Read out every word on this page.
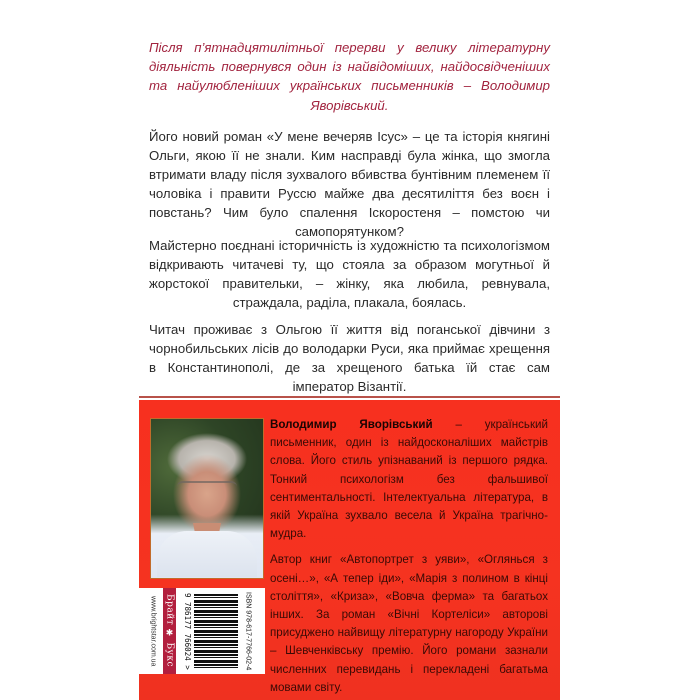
Після п’ятнадцятилітньої перерви у велику літературну діяльність повернувся один із найвідоміших, найдосвідченіших та найулюбленіших українських письменників – Володимир Яворівський.
Його новий роман «У мене вечеряв Ісус» – це та історія княгині Ольги, якою її не знали. Ким насправді була жінка, що змогла втримати владу після зухвалого вбивства бунтівним племенем її чоловіка і правити Руссю майже два десятиліття без воєн і повстань? Чим було спалення Іскоростеня – помстою чи самопорятунком?
Майстерно поєднані історичність із художністю та психологізмом відкривають читачеві ту, що стояла за образом могутньої й жорстокої правительки, – жінку, яка любила, ревнувала, страждала, раділа, плакала, боялась.
Читач проживає з Ольгою її життя від поганської дівчини з чорнобильських лісів до володарки Руси, яка приймає хрещення в Константинополі, де за хрещеного батька їй стає сам імператор Візантії.
Володимир Яворівський – український письменник, один із найдосконаліших майстрів слова. Його стиль упізнаваний із першого рядка. Тонкий психологізм без фальшивої сентиментальності. Інтелектуальна література, в якій Україна зухвало весела й Україна трагічно-мудра.
Автор книг «Автопортрет з уяви», «Оглянься з осені…», «А тепер іди», «Марія з полином в кінці століття», «Криза», «Вовча ферма» та багатьох інших. За роман «Вічні Кортеліси» авторові присуджено найвищу літературну нагороду України – Шевченківську премію. Його романи зазнали численних перевидань і перекладені багатьма мовами світу.
www.brightstar.com.ua Брайт ✱ Букс 9 786177 766024 >	ISBN 978-617-7766-02-4
